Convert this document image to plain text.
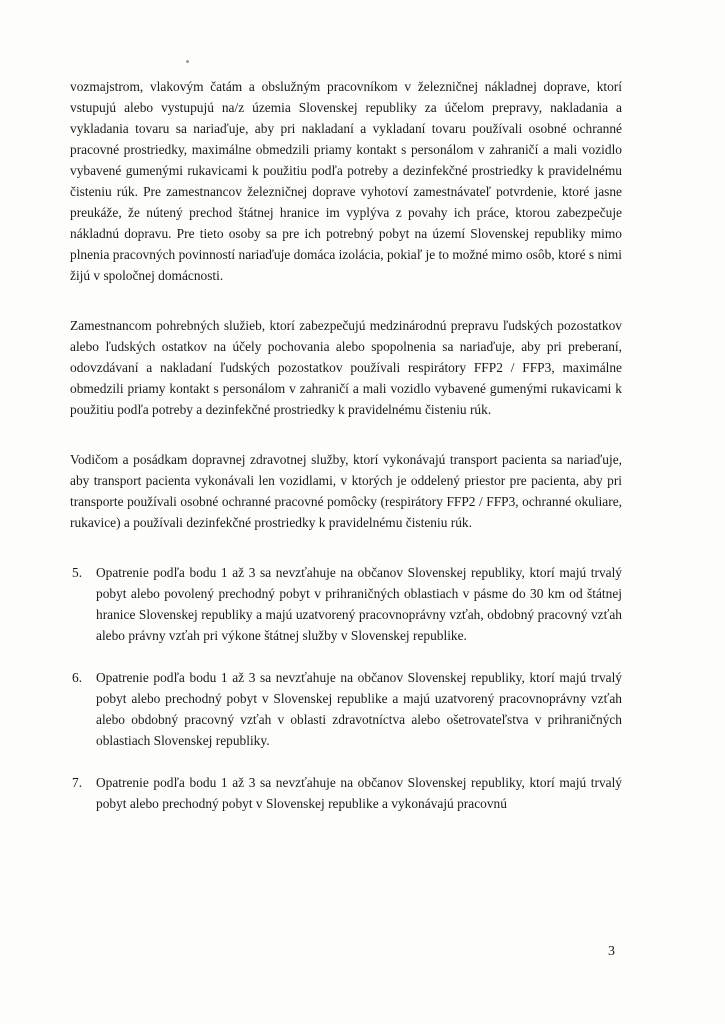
vozmajstrom, vlakovým čatám a obslužným pracovníkom v železničnej nákladnej doprave, ktorí vstupujú alebo vystupujú na/z územia Slovenskej republiky za účelom prepravy, nakladania a vykladania tovaru sa nariaďuje, aby pri nakladaní a vykladaní tovaru používali osobné ochranné pracovné prostriedky, maximálne obmedzili priamy kontakt s personálom v zahraničí a mali vozidlo vybavené gumenými rukavicami k použitiu podľa potreby a dezinfekčné prostriedky k pravidelnému čisteniu rúk. Pre zamestnancov železničnej doprave vyhotoví zamestnávateľ potvrdenie, ktoré jasne preukáže, že nútený prechod štátnej hranice im vyplýva z povahy ich práce, ktorou zabezpečuje nákladnú dopravu. Pre tieto osoby sa pre ich potrebný pobyt na území Slovenskej republiky mimo plnenia pracovných povinností nariaďuje domáca izolácia, pokiaľ je to možné mimo osôb, ktoré s nimi žijú v spoločnej domácnosti.

Zamestnancom pohrebných služieb, ktorí zabezpečujú medzinárodnú prepravu ľudských pozostatkov alebo ľudských ostatkov na účely pochovania alebo spopolnenia sa nariaďuje, aby pri preberaní, odovzdávaní a nakladaní ľudských pozostatkov používali respirátory FFP2 / FFP3, maximálne obmedzili priamy kontakt s personálom v zahraničí a mali vozidlo vybavené gumenými rukavicami k použitiu podľa potreby a dezinfekčné prostriedky k pravidelnému čisteniu rúk.

Vodičom a posádkam dopravnej zdravotnej služby, ktorí vykonávajú transport pacienta sa nariaďuje, aby transport pacienta vykonávali len vozidlami, v ktorých je oddelený priestor pre pacienta, aby pri transporte používali osobné ochranné pracovné pomôcky (respirátory FFP2 / FFP3, ochranné okuliare, rukavice) a používali dezinfekčné prostriedky k pravidelnému čisteniu rúk.

5. Opatrenie podľa bodu 1 až 3 sa nevzťahuje na občanov Slovenskej republiky, ktorí majú trvalý pobyt alebo povolený prechodný pobyt v prihraničných oblastiach v pásme do 30 km od štátnej hranice Slovenskej republiky a majú uzatvorený pracovnoprávny vzťah, obdobný pracovný vzťah alebo právny vzťah pri výkone štátnej služby v Slovenskej republike.
6. Opatrenie podľa bodu 1 až 3 sa nevzťahuje na občanov Slovenskej republiky, ktorí majú trvalý pobyt alebo prechodný pobyt v Slovenskej republike a majú uzatvorený pracovnoprávny vzťah alebo obdobný pracovný vzťah v oblasti zdravotníctva alebo ošetrovateľstva v prihraničných oblastiach Slovenskej republiky.
7. Opatrenie podľa bodu 1 až 3 sa nevzťahuje na občanov Slovenskej republiky, ktorí majú trvalý pobyt alebo prechodný pobyt v Slovenskej republike a vykonávajú pracovnú
3
